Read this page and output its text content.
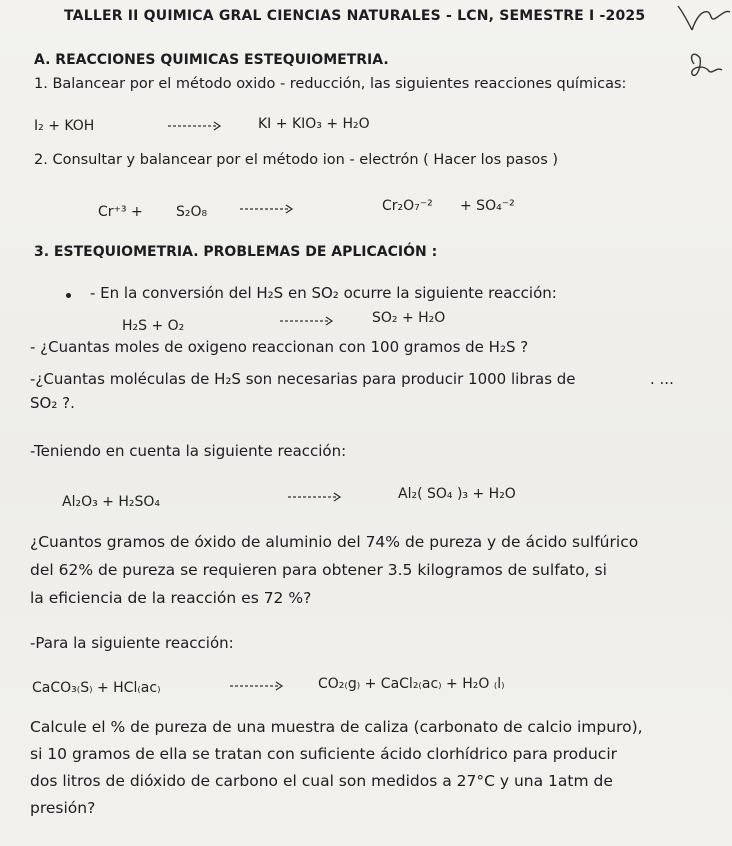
TALLER II QUIMICA GRAL CIENCIAS NATURALES - LCN, SEMESTRE I -2025
A. REACCIONES QUIMICAS ESTEQUIOMETRIA.
1. Balancear por el método oxido - reducción, las siguientes reacciones químicas:
I₂ + KOH	KI + KIO₃ + H₂O
2. Consultar y balancear por el método ion - electrón ( Hacer los pasos )
Cr⁺³ + S₂O₈	Cr₂O₇⁻² + SO₄⁻²
3. ESTEQUIOMETRIA. PROBLEMAS DE APLICACIÓN :
- En la conversión del H₂S en SO₂ ocurre la siguiente reacción:
H₂S + O₂	SO₂ + H₂O
- ¿Cuantas moles de oxigeno reaccionan con 100 gramos de H₂S ?
-¿Cuantas moléculas de H₂S son necesarias para producir 1000 libras de	. ...
SO₂ ?.
-Teniendo en cuenta la siguiente reacción:
Al₂O₃ + H₂SO₄	Al₂( SO₄ )₃ + H₂O
¿Cuantos gramos de óxido de aluminio del 74% de pureza y de ácido sulfúrico
del 62% de pureza se requieren para obtener 3.5 kilogramos de sulfato, si
la eficiencia de la reacción es 72 %?
-Para la siguiente reacción:
CaCO₃₍S₎ + HCl₍ac₎	CO₂₍g₎ + CaCl₂₍ac₎ + H₂O ₍l₎
Calcule el % de pureza de una muestra de caliza (carbonato de calcio impuro),
si 10 gramos de ella se tratan con suficiente ácido clorhídrico para producir
dos litros de dióxido de carbono el cual son medidos a 27°C y una 1atm de
presión?
